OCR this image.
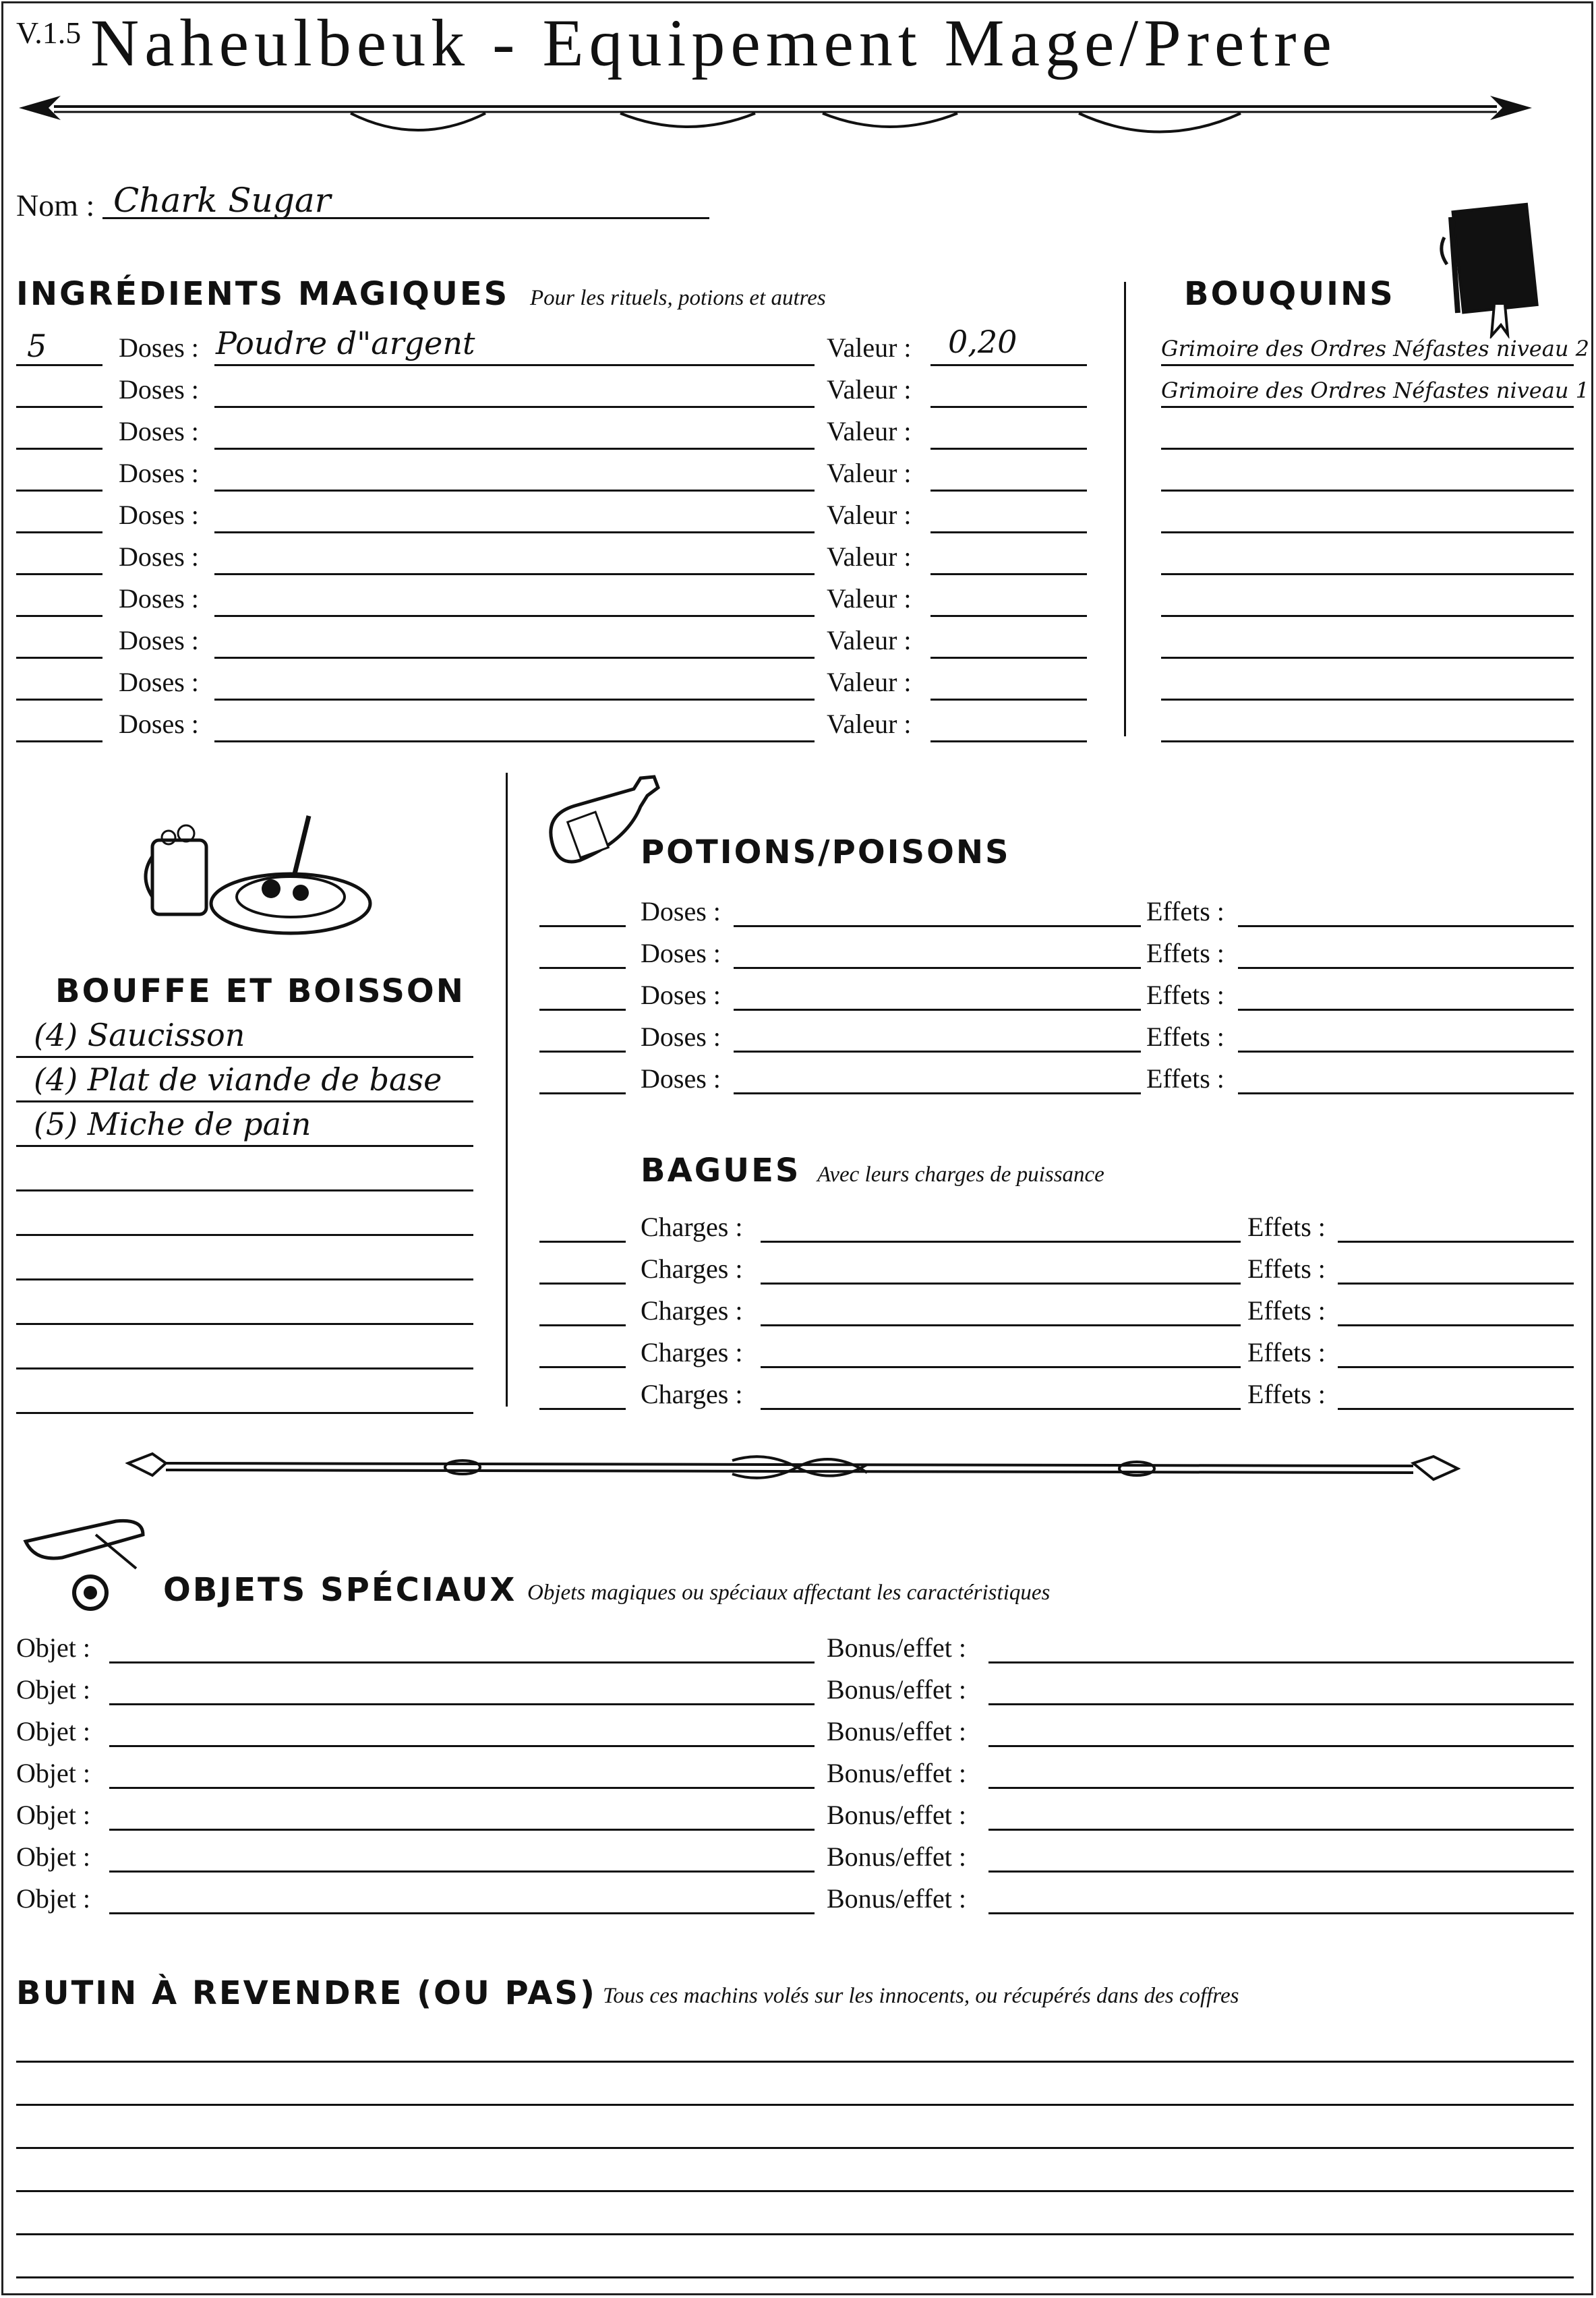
V.1.5 Naheulbeuk - Equipement Mage/Pretre
Nom : Chark Sugar
INGRÉDIENTS MAGIQUES Pour les rituels, potions et autres
5	Doses : Poudre d"argent	Valeur : 0,20
Doses :	Valeur :
Doses :	Valeur :
Doses :	Valeur :
Doses :	Valeur :
Doses :	Valeur :
Doses :	Valeur :
Doses :	Valeur :
Doses :	Valeur :
Doses :	Valeur :
BOUQUINS
Grimoire des Ordres Néfastes niveau 2
Grimoire des Ordres Néfastes niveau 1
BOUFFE ET BOISSON
(4) Saucisson
(4) Plat de viande de base
(5) Miche de pain
POTIONS/POISONS
Doses :	Effets :
Doses :	Effets :
Doses :	Effets :
Doses :	Effets :
Doses :	Effets :
BAGUES Avec leurs charges de puissance
Charges :	Effets :
Charges :	Effets :
Charges :	Effets :
Charges :	Effets :
Charges :	Effets :
OBJETS SPÉCIAUX Objets magiques ou spéciaux affectant les caractéristiques
Objet :	Bonus/effet :
Objet :	Bonus/effet :
Objet :	Bonus/effet :
Objet :	Bonus/effet :
Objet :	Bonus/effet :
Objet :	Bonus/effet :
Objet :	Bonus/effet :
BUTIN À REVENDRE (OU PAS) Tous ces machins volés sur les innocents, ou récupérés dans des coffres
